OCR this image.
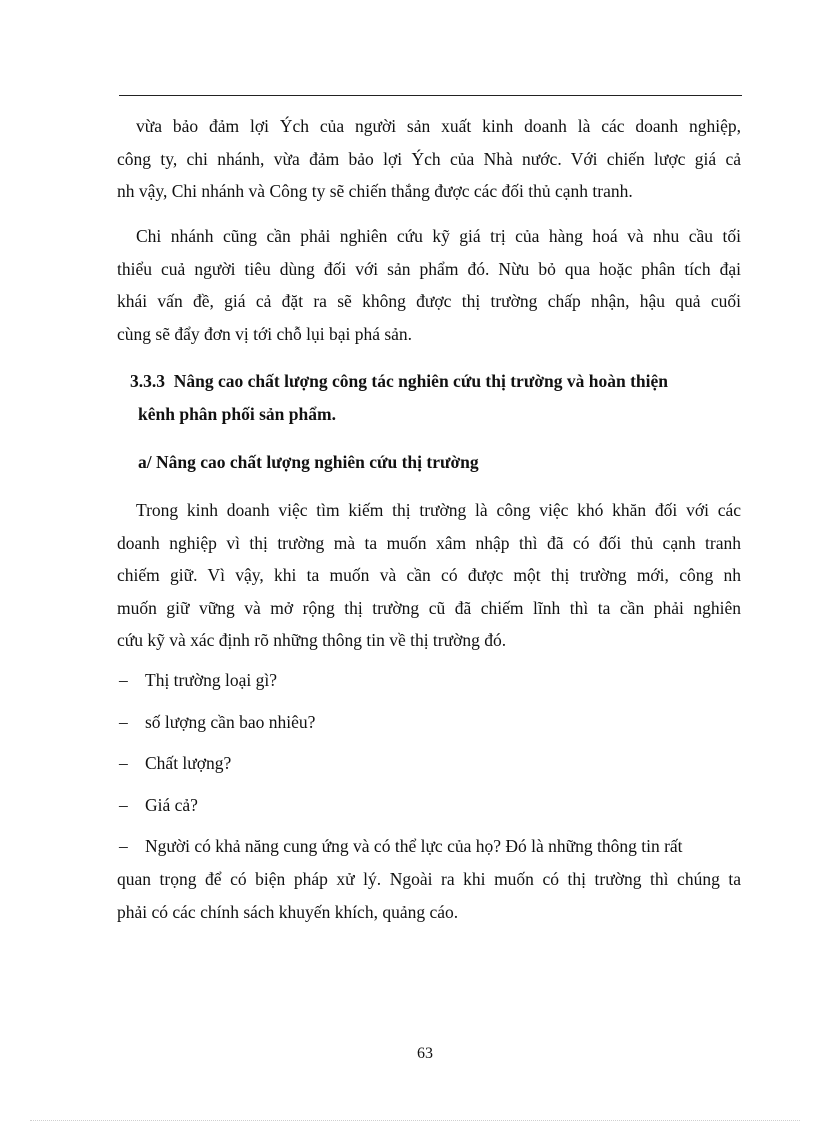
vừa bảo đảm lợi Ých của người sản xuất kinh doanh là các doanh nghiệp,
công ty, chi nhánh, vừa đảm bảo lợi Ých của Nhà nước. Với chiến lược giá cả
nh vậy, Chi nhánh và Công ty sẽ chiến thắng được các đối thủ cạnh tranh.
Chi nhánh cũng cần phải nghiên cứu kỹ giá trị của hàng hoá và nhu cầu tối
thiểu cuả người tiêu dùng đối với sản phẩm đó. Nừu bỏ qua hoặc phân tích đại
khái vấn đề, giá cả đặt ra sẽ không được thị trường chấp nhận, hậu quả cuối
cùng sẽ đẩy đơn vị tới chỗ lụi bại phá sản.

3.3.3 Nâng cao chất lượng công tác nghiên cứu thị trường và hoàn thiện

kênh phân phối sản phẩm.

a/ Nâng cao chất lượng nghiên cứu thị trường

Trong kinh doanh việc tìm kiếm thị trường là công việc khó khăn đối với các
doanh nghiệp vì thị trường mà ta muốn xâm nhập thì đã có đối thủ cạnh tranh
chiếm giữ. Vì vậy, khi ta muốn và cần có được một thị trường mới, công nh
muốn giữ vững và mở rộng thị trường cũ đã chiếm lĩnh thì ta cần phải nghiên
cứu kỹ và xác định rõ những thông tin về thị trường đó.

– Thị trường loại gì?

– số lượng cần bao nhiêu?

– Chất lượng?

– Giá cả?

– Người có khả năng cung ứng và có thể lực của họ? Đó là những thông tin rất

quan trọng để có biện pháp xử lý. Ngoài ra khi muốn có thị trường thì chúng ta
phải có các chính sách khuyến khích, quảng cáo.
63
